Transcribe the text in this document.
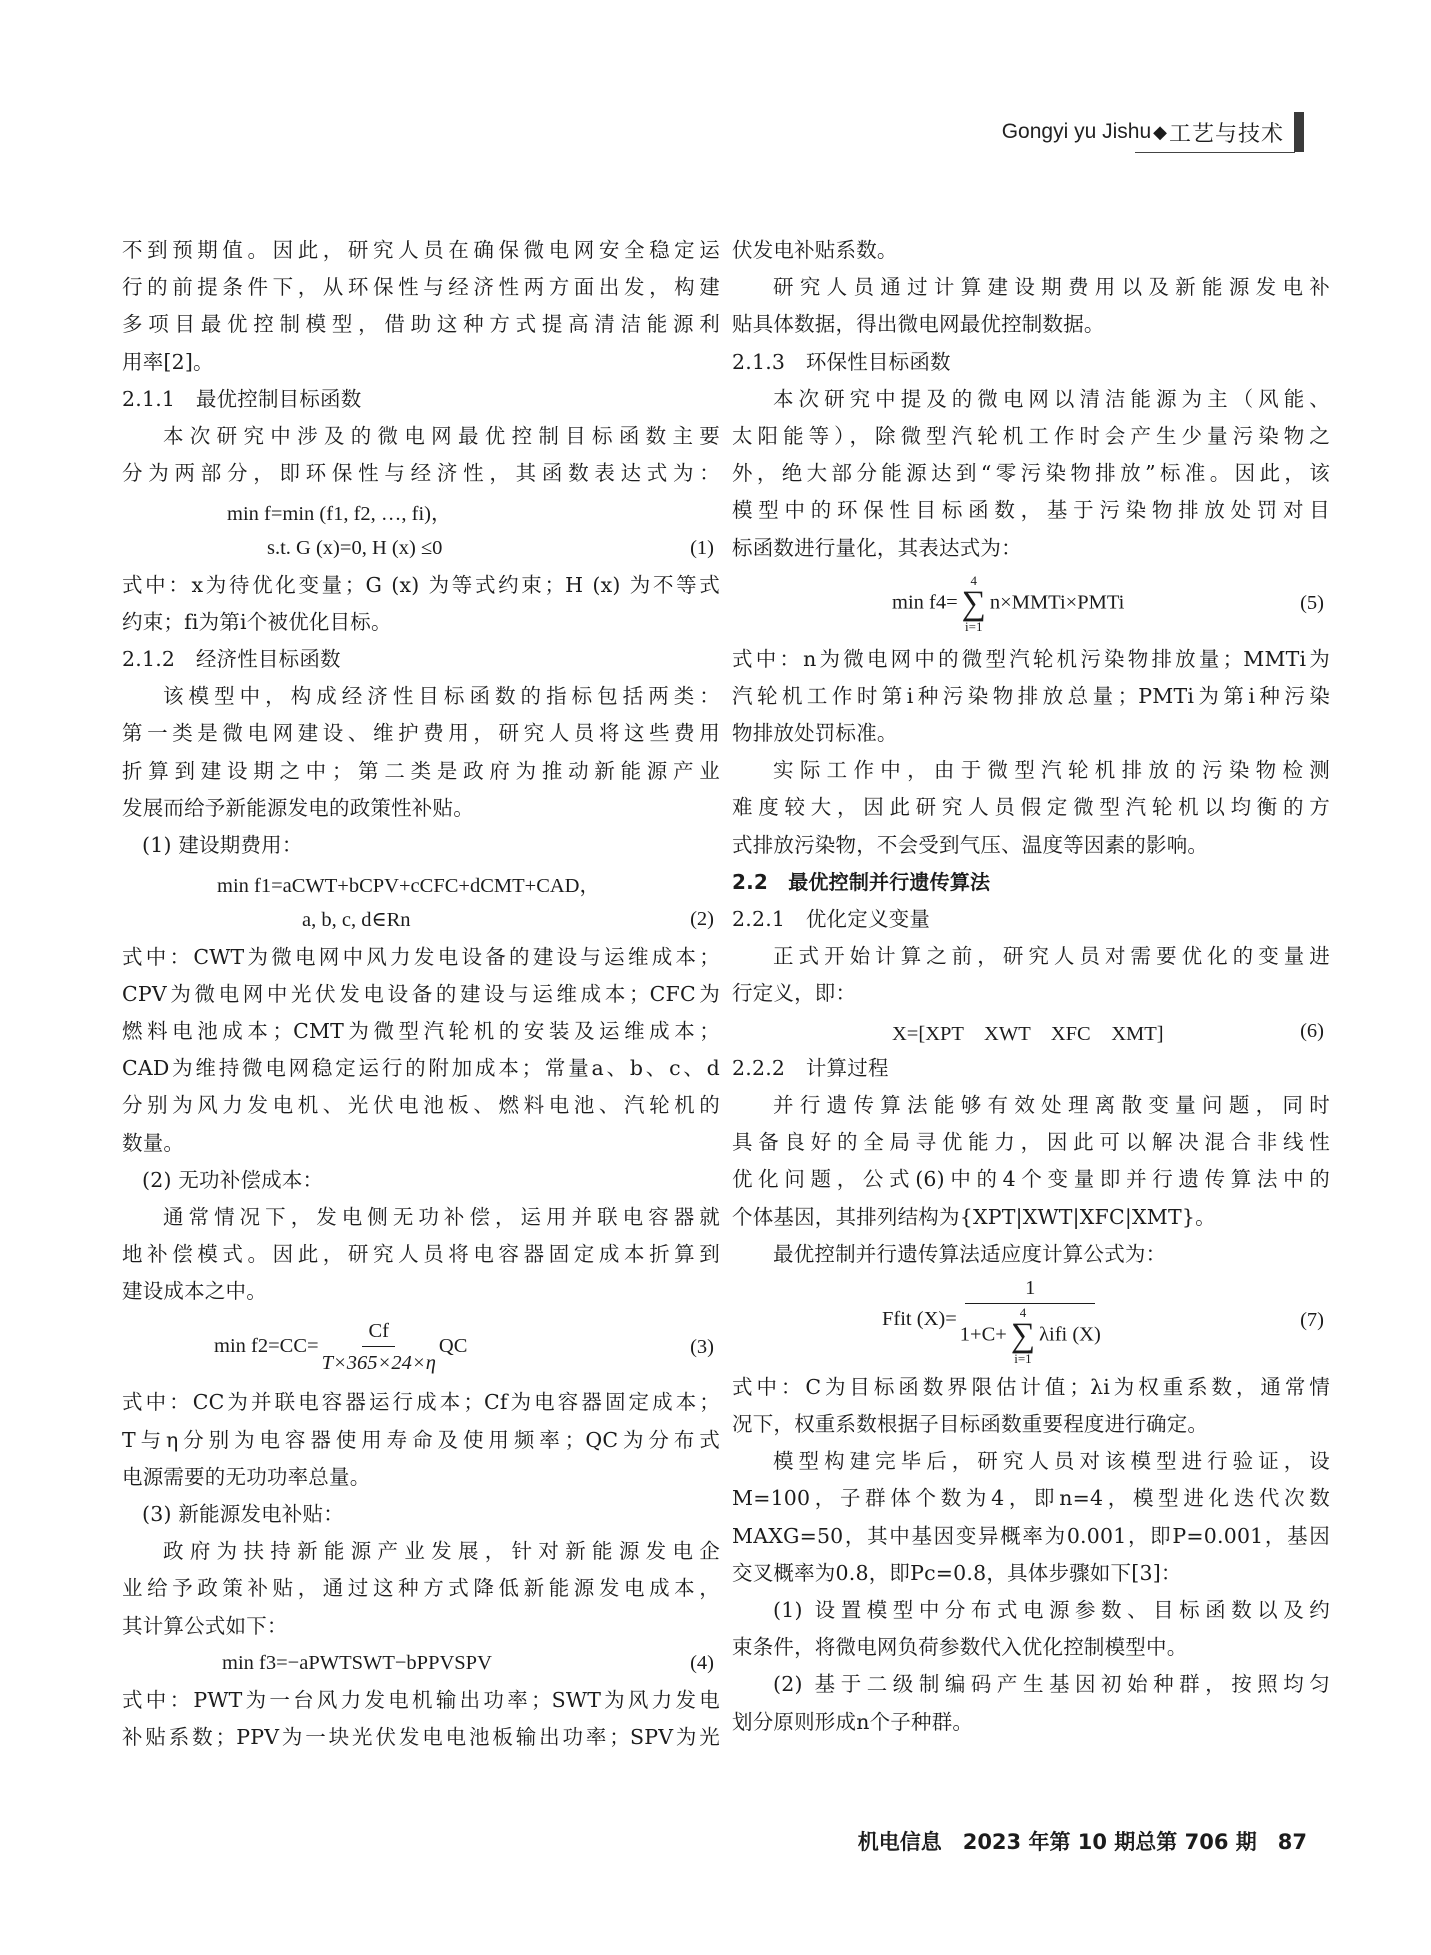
Gongyi yu Jishu ◆ 工艺与技术
不到预期值。因此，研究人员在确保微电网安全稳定运
行的前提条件下，从环保性与经济性两方面出发，构建
多项目最优控制模型，借助这种方式提高清洁能源利
用率[2]。
2.1.1　最优控制目标函数
本次研究中涉及的微电网最优控制目标函数主要
分为两部分，即环保性与经济性，其函数表达式为：
min f=min (f1, f2, …, fi)，
s.t. G (x)=0, H (x) ≤0	(1)
式中：x为待优化变量；G (x) 为等式约束；H (x) 为不等式
约束；fi为第i个被优化目标。
2.1.2　经济性目标函数
该模型中，构成经济性目标函数的指标包括两类：
第一类是微电网建设、维护费用，研究人员将这些费用
折算到建设期之中；第二类是政府为推动新能源产业
发展而给予新能源发电的政策性补贴。
(1) 建设期费用：
min f1=aCWT+bCPV+cCFC+dCMT+CAD，
a, b, c, d∈Rn	(2)
式中：CWT为微电网中风力发电设备的建设与运维成本；
CPV为微电网中光伏发电设备的建设与运维成本；CFC为
燃料电池成本；CMT为微型汽轮机的安装及运维成本；
CAD为维持微电网稳定运行的附加成本；常量a、b、c、d
分别为风力发电机、光伏电池板、燃料电池、汽轮机的
数量。
(2) 无功补偿成本：
通常情况下，发电侧无功补偿，运用并联电容器就
地补偿模式。因此，研究人员将电容器固定成本折算到
建设成本之中。
$\min f2=CC= \frac{Cf}{T\times 365\times 24\times\eta}$ QC	(3)
式中：CC为并联电容器运行成本；Cf为电容器固定成本；
T与η分别为电容器使用寿命及使用频率；QC为分布式
电源需要的无功功率总量。
(3) 新能源发电补贴：
政府为扶持新能源产业发展，针对新能源发电企
业给予政策补贴，通过这种方式降低新能源发电成本，
其计算公式如下：
min f3=−aPWTSWT−bPPVSPV	(4)
式中：PWT为一台风力发电机输出功率；SWT为风力发电
补贴系数；PPV为一块光伏发电电池板输出功率；SPV为光
伏发电补贴系数。
研究人员通过计算建设期费用以及新能源发电补
贴具体数据，得出微电网最优控制数据。
2.1.3　环保性目标函数
本次研究中提及的微电网以清洁能源为主（风能、
太阳能等），除微型汽轮机工作时会产生少量污染物之
外，绝大部分能源达到“零污染物排放”标准。因此，该
模型中的环保性目标函数，基于污染物排放处罚对目
标函数进行量化，其表达式为：
min f4=
4
∑
i=1
n×MMTi×PMTi	(5)
式中：n为微电网中的微型汽轮机污染物排放量；MMTi为
汽轮机工作时第i种污染物排放总量；PMTi为第i种污染
物排放处罚标准。
实际工作中，由于微型汽轮机排放的污染物检测
难度较大，因此研究人员假定微型汽轮机以均衡的方
式排放污染物，不会受到气压、温度等因素的影响。
2.2　最优控制并行遗传算法
2.2.1　优化定义变量
正式开始计算之前，研究人员对需要优化的变量进
行定义，即：
X=[XPT　XWT　XFC　XMT]	(6)
2.2.2　计算过程
并行遗传算法能够有效处理离散变量问题，同时
具备良好的全局寻优能力，因此可以解决混合非线性
优化问题，公式(6)中的4个变量即并行遗传算法中的
个体基因，其排列结构为{XPT|XWT|XFC|XMT}。
最优控制并行遗传算法适应度计算公式为：
Ffit (X)= 1
1+C+
4
∑
i=1
λifi (X)	(7)
式中：C为目标函数界限估计值；λi为权重系数，通常情
况下，权重系数根据子目标函数重要程度进行确定。
模型构建完毕后，研究人员对该模型进行验证，设
M=100，子群体个数为4，即n=4，模型进化迭代次数
MAXG=50，其中基因变异概率为0.001，即P=0.001，基因
交叉概率为0.8，即Pc=0.8，具体步骤如下[3]：
(1) 设置模型中分布式电源参数、目标函数以及约
束条件，将微电网负荷参数代入优化控制模型中。
(2) 基于二级制编码产生基因初始种群，按照均匀
划分原则形成n个子种群。
机电信息　2023 年第 10 期总第 706 期　87
